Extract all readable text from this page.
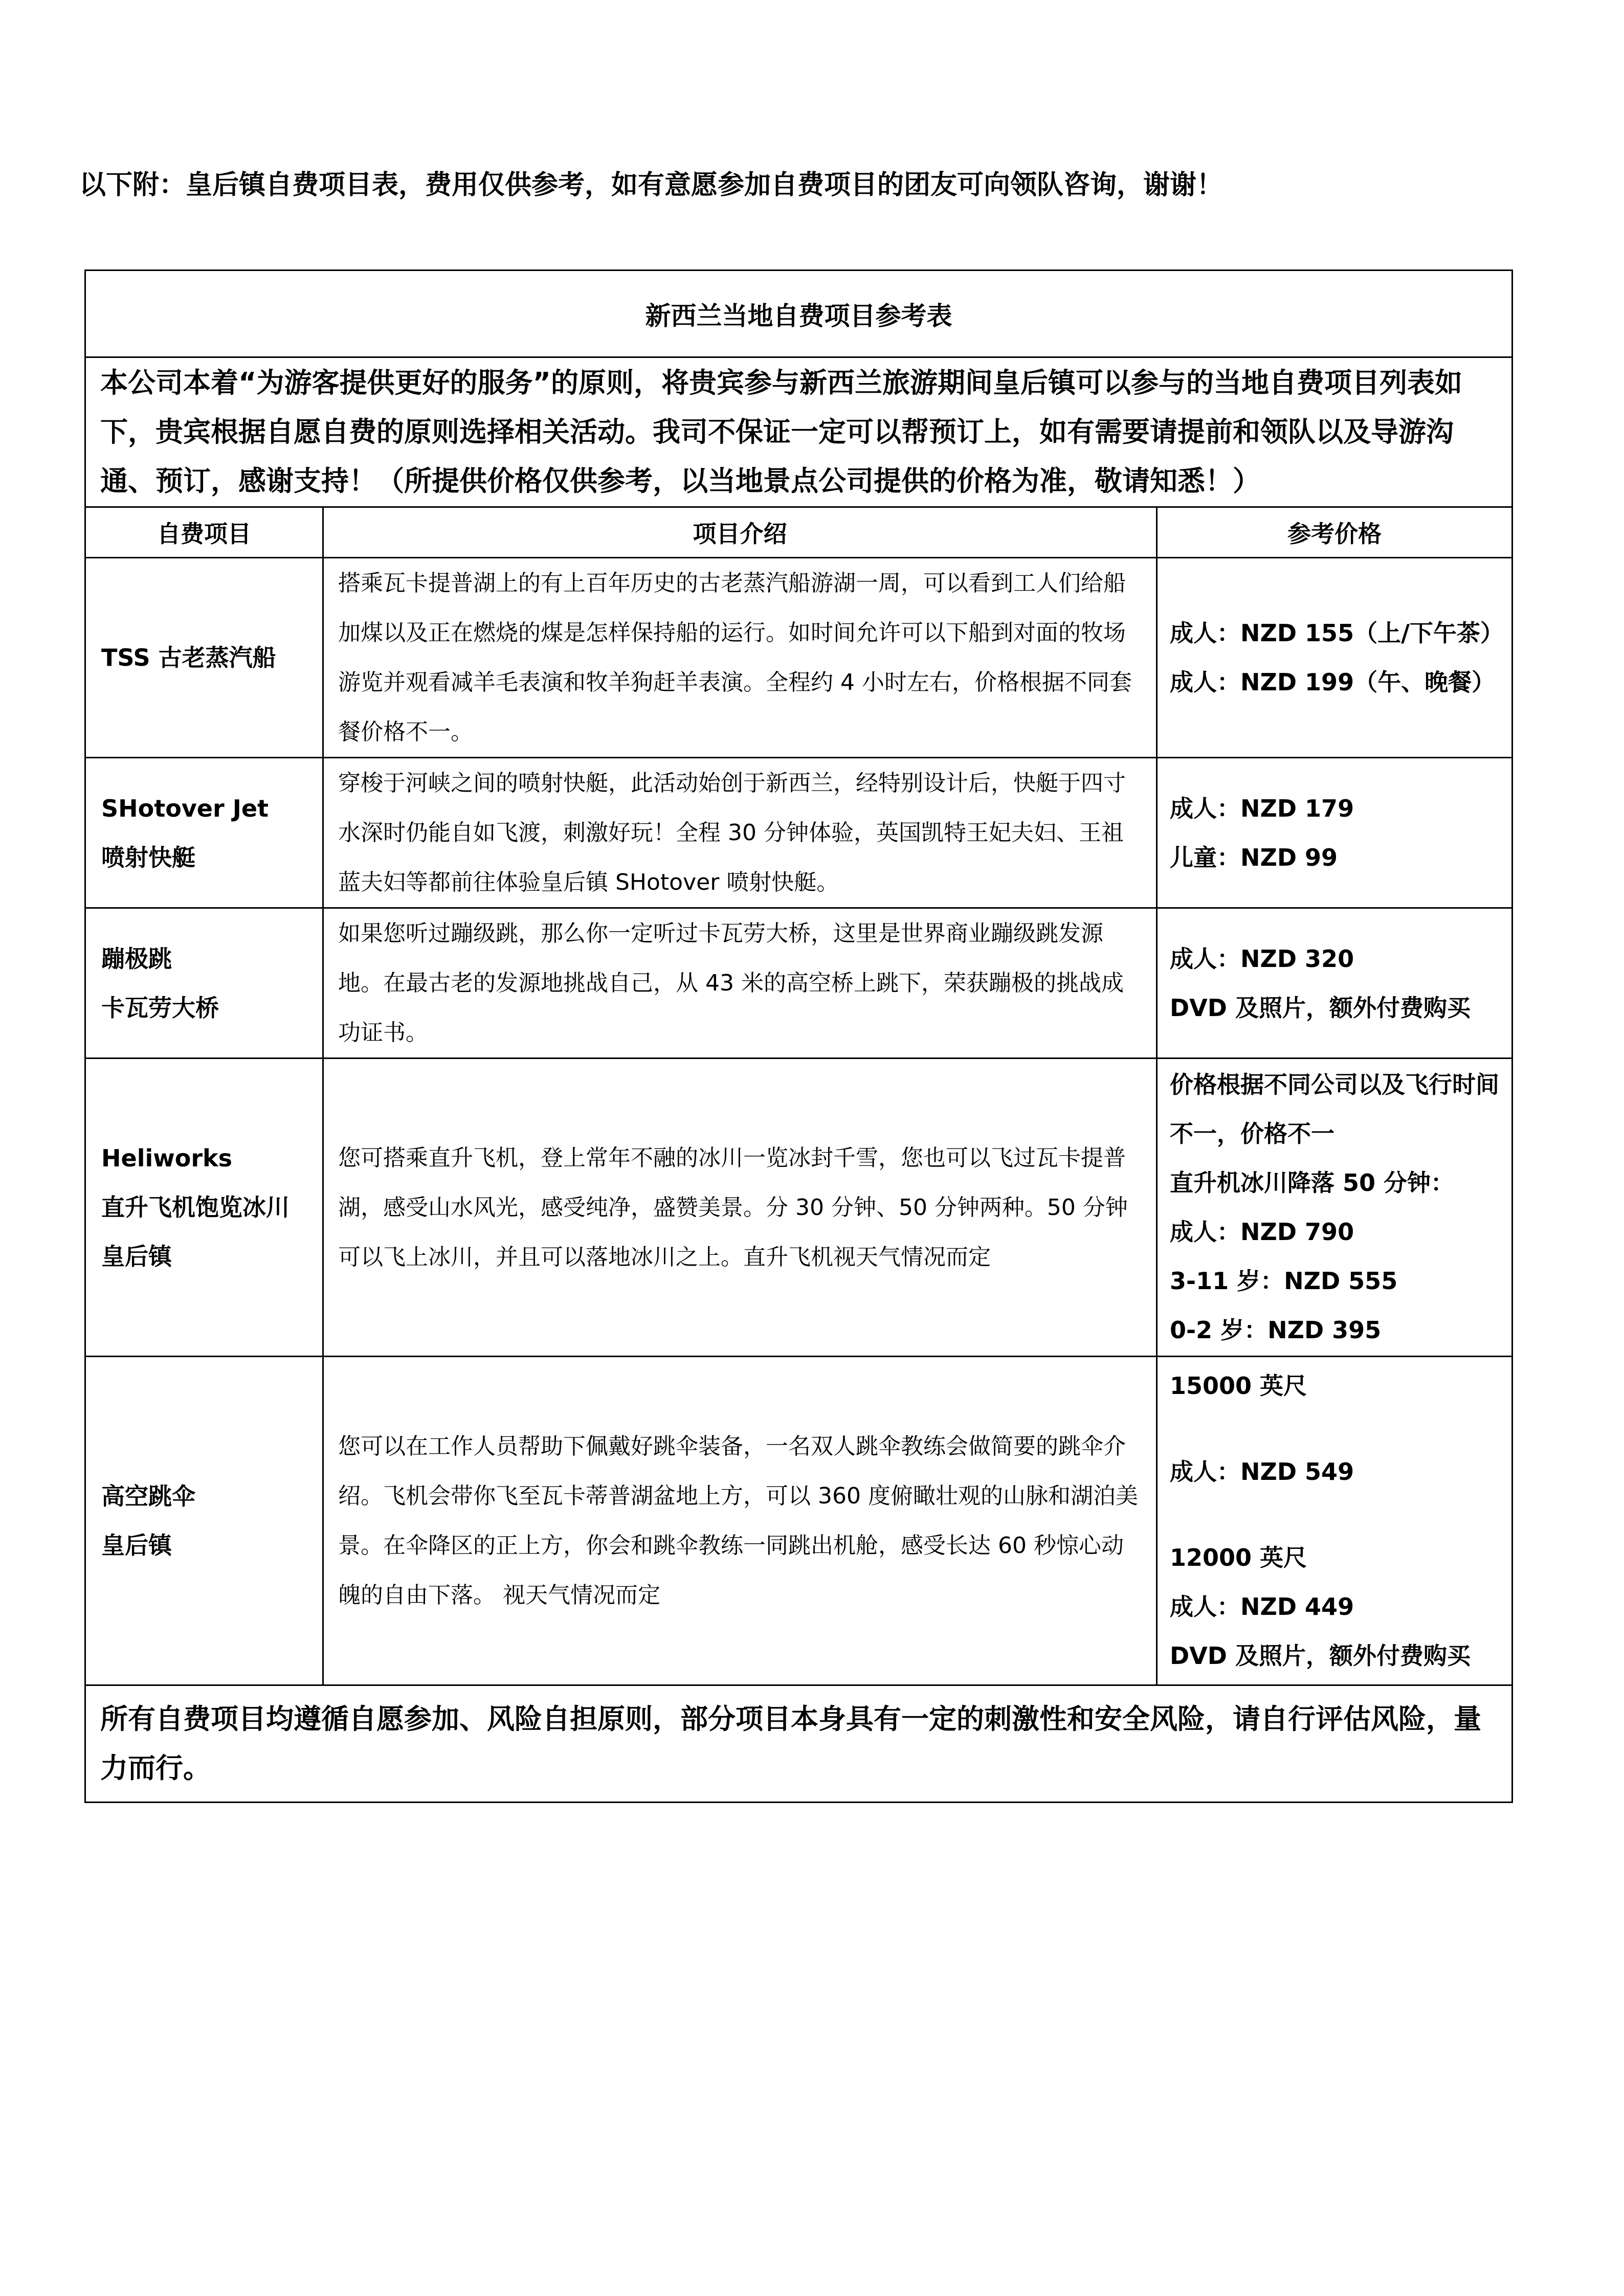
以下附：皇后镇自费项目表，费用仅供参考，如有意愿参加自费项目的团友可向领队咨询，谢谢！
新西兰当地自费项目参考表		
本公司本着“为游客提供更好的服务”的原则，将贵宾参与新西兰旅游期间皇后镇可以参与的当地自费项目列表如下，贵宾根据自愿自费的原则选择相关活动。我司不保证一定可以帮预订上，如有需要请提前和领队以及导游沟通、预订，感谢支持！（所提供价格仅供参考，以当地景点公司提供的价格为准，敬请知悉！）		
自费项目	项目介绍	参考价格

TSS 古老蒸汽船	搭乘瓦卡提普湖上的有上百年历史的古老蒸汽船游湖一周，可以看到工人们给船加煤以及正在燃烧的煤是怎样保持船的运行。如时间允许可以下船到对面的牧场游览并观看减羊毛表演和牧羊狗赶羊表演。全程约 4 小时左右，价格根据不同套餐价格不一。	成人：NZD 155（上/下午茶）
成人：NZD 199（午、晚餐）

SHotover Jet
喷射快艇	穿梭于河峡之间的喷射快艇，此活动始创于新西兰，经特别设计后，快艇于四寸水深时仍能自如飞渡，刺激好玩！全程 30 分钟体验，英国凯特王妃夫妇、王祖蓝夫妇等都前往体验皇后镇 SHotover 喷射快艇。	成人：NZD 179
儿童：NZD 99

蹦极跳
卡瓦劳大桥	如果您听过蹦级跳，那么你一定听过卡瓦劳大桥，这里是世界商业蹦级跳发源地。在最古老的发源地挑战自己，从 43 米的高空桥上跳下，荣获蹦极的挑战成功证书。	成人：NZD 320
DVD 及照片，额外付费购买

Heliworks
直升飞机饱览冰川
皇后镇	您可搭乘直升飞机，登上常年不融的冰川一览冰封千雪，您也可以飞过瓦卡提普湖，感受山水风光，感受纯净，盛赞美景。分 30 分钟、50 分钟两种。50 分钟可以飞上冰川，并且可以落地冰川之上。直升飞机视天气情况而定	价格根据不同公司以及飞行时间不一，价格不一
直升机冰川降落 50 分钟：
成人：NZD 790
3-11 岁：NZD 555
0-2 岁：NZD 395

高空跳伞
皇后镇	您可以在工作人员帮助下佩戴好跳伞装备，一名双人跳伞教练会做简要的跳伞介绍。飞机会带你飞至瓦卡蒂普湖盆地上方，可以 360 度俯瞰壮观的山脉和湖泊美景。在伞降区的正上方，你会和跳伞教练一同跳出机舱，感受长达 60 秒惊心动魄的自由下落。 视天气情况而定	15000 英尺
成人：NZD 549
12000 英尺
成人：NZD 449
DVD 及照片，额外付费购买

所有自费项目均遵循自愿参加、风险自担原则，部分项目本身具有一定的刺激性和安全风险，请自行评估风险，量力而行。		
